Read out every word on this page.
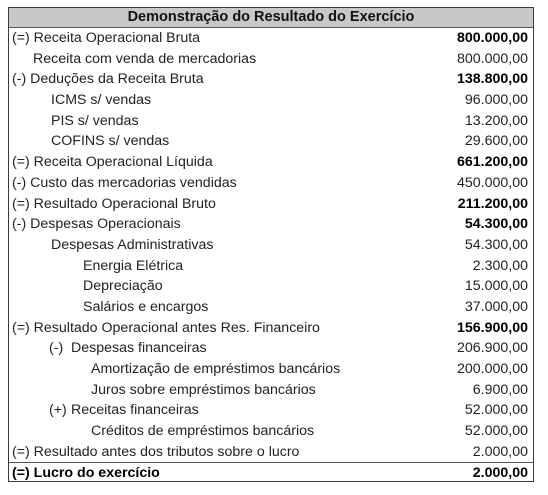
Demonstração do Resultado do Exercício
(=) Receita Operacional Bruta	800.000,00
Receita com venda de mercadorias	800.000,00
(-) Deduções da Receita Bruta	138.800,00
ICMS s/ vendas	96.000,00
PIS s/ vendas	13.200,00
COFINS s/ vendas	29.600,00
(=) Receita Operacional Líquida	661.200,00
(-) Custo das mercadorias vendidas	450.000,00
(=) Resultado Operacional Bruto	211.200,00
(-) Despesas Operacionais	54.300,00
Despesas Administrativas	54.300,00
Energia Elétrica	2.300,00
Depreciação	15.000,00
Salários e encargos	37.000,00
(=) Resultado Operacional antes Res. Financeiro	156.900,00
(-) Despesas financeiras	206.900,00
Amortização de empréstimos bancários	200.000,00
Juros sobre empréstimos bancários	6.900,00
(+) Receitas financeiras	52.000,00
Créditos de empréstimos bancários	52.000,00
(=) Resultado antes dos tributos sobre o lucro	2.000,00
(=) Lucro do exercício	2.000,00
